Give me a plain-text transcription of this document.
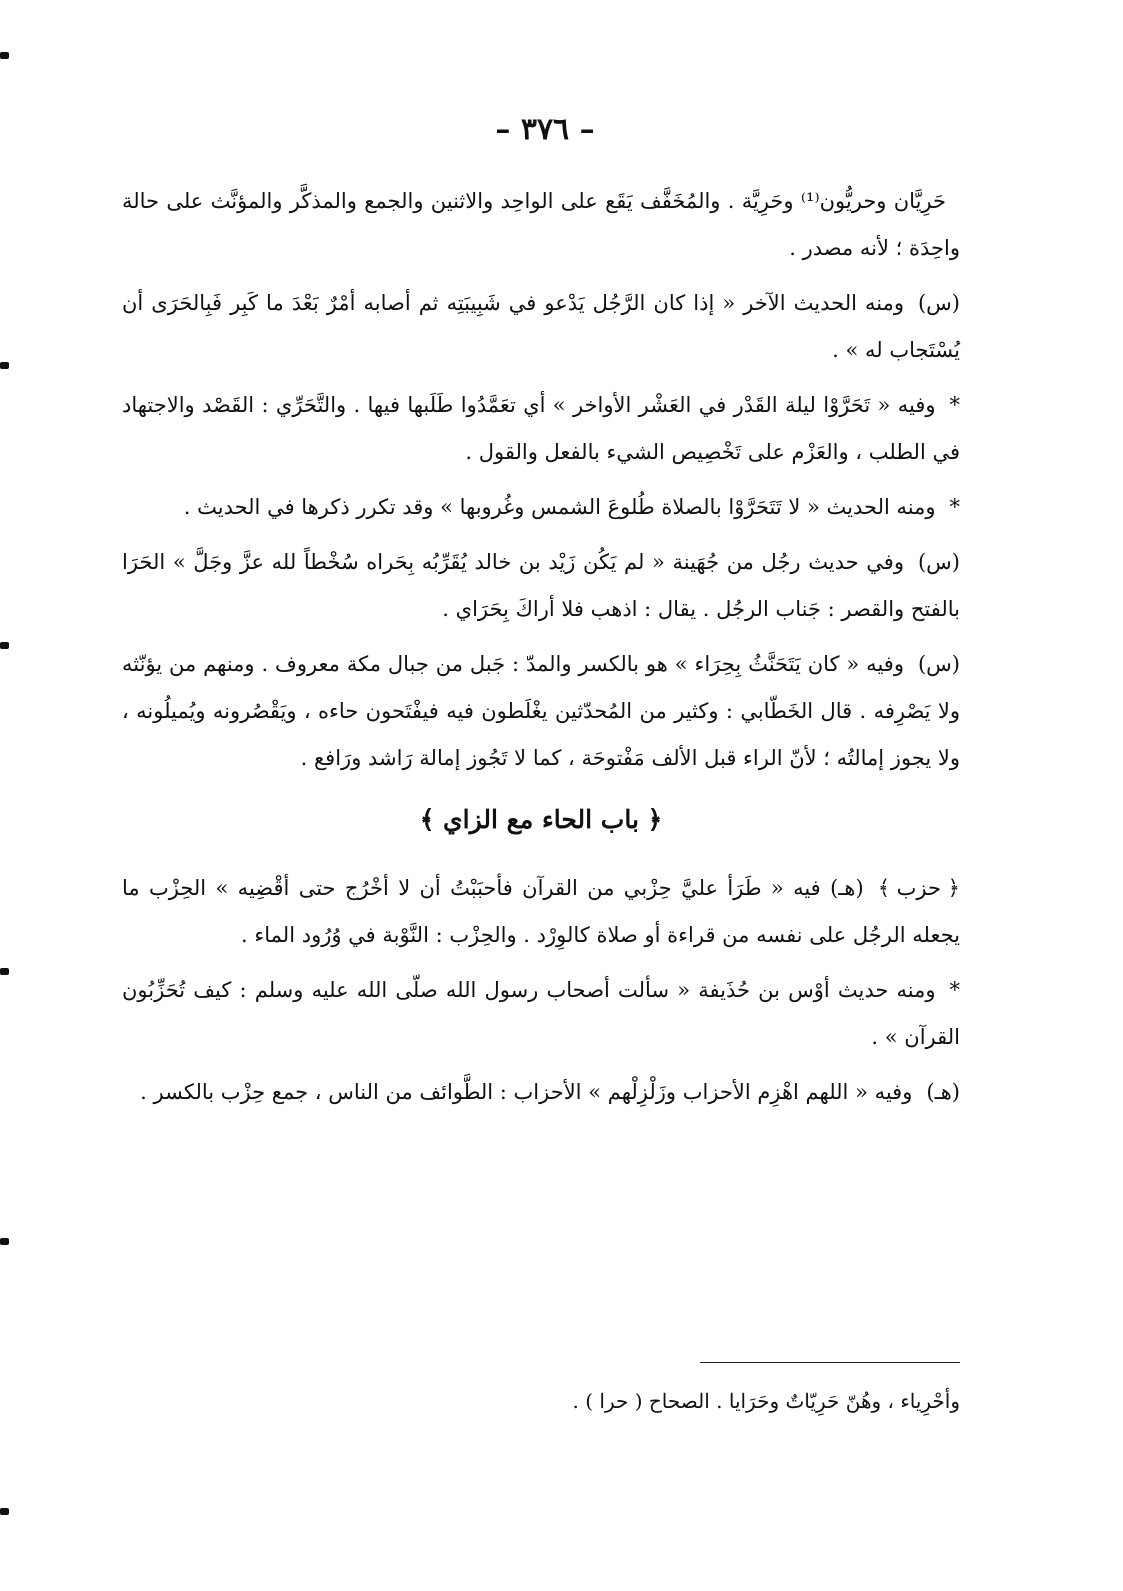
– ٣٧٦ –

حَرِيَّان وحريُّون⁽¹⁾ وحَرِيَّة . والمُخَفَّف يَقَع على الواحِد والاثنين والجمع والمذكَّر والمؤنَّث على حالة واحِدَة ؛ لأنه مصدر .

(س)ومنه الحديث الآخر « إذا كان الرَّجُل يَدْعو في شَبِيبَتِه ثم أصابه أمْرٌ بَعْدَ ما كَبِر فَبِالحَرَى أن يُسْتَجاب له » .

*وفيه « تَحَرَّوْا ليلة القَدْر في العَشْر الأواخر » أي تعَمَّدُوا طَلَبها فيها . والتَّحَرِّي : القَصْد والاجتهاد في الطلب ، والعَزْم على تَخْصِيص الشيء بالفعل والقول .

*ومنه الحديث « لا تَتَحَرَّوْا بالصلاة طُلوعَ الشمس وغُروبها » وقد تكرر ذكرها في الحديث .

(س)وفي حديث رجُل من جُهَينة « لم يَكُن زَيْد بن خالد يُقَرِّبُه بِحَراه سُخْطاً لله عزَّ وجَلَّ » الحَرَا بالفتح والقصر : جَناب الرجُل . يقال : اذهب فلا أراكَ بِحَرَاي .

(س)وفيه « كان يَتَحَنَّثُ بِحِرَاء » هو بالكسر والمدّ : جَبل من جبال مكة معروف . ومنهم من يؤنّثه ولا يَصْرِفه . قال الخَطّابي : وكثير من المُحدّثين يغْلَطون فيه فيفْتَحون حاءه ، ويَقْصُرونه ويُميلُونه ، ولا يجوز إمالتُه ؛ لأنّ الراء قبل الألف مَفْتوحَة ، كما لا تَجُوز إمالة رَاشد ورَافع .

﴿ باب الحاء مع الزاي ﴾

﴿ حزب ﴾(هـ) فيه « طَرَأ عليَّ حِزْبي من القرآن فأحبَبْتُ أن لا أخْرُج حتى أقْضِيه » الحِزْب ما يجعله الرجُل على نفسه من قراءة أو صلاة كالوِرْد . والحِزْب : النَّوْبة في وُرُود الماء .

*ومنه حديث أوْس بن حُذَيفة « سألت أصحاب رسول الله صلّى الله عليه وسلم : كيف تُحَزِّبُون القرآن » .

(هـ)وفيه « اللهم اهْزِم الأحزاب وزَلْزِلْهم » الأحزاب : الطَّوائف من الناس ، جمع حِزْب بالكسر .

وأحْرِياء ، وهُنّ حَرِيّاتٌ وحَرَايا . الصحاح ( حرا ) .
